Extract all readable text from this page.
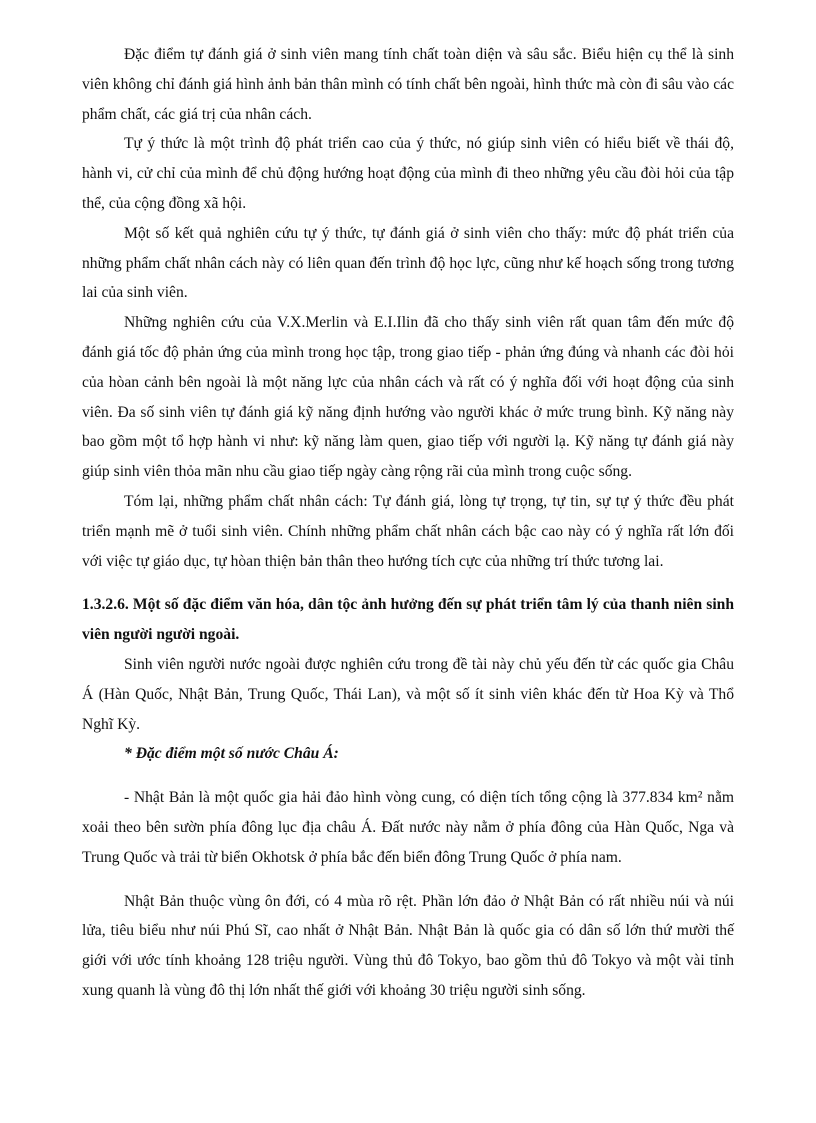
Đặc điểm tự đánh giá ở sinh viên mang tính chất toàn diện và sâu sắc. Biểu hiện cụ thể là sinh viên không chỉ đánh giá hình ảnh bản thân mình có tính chất bên ngoài, hình thức mà còn đi sâu vào các phẩm chất, các giá trị của nhân cách.

Tự ý thức là một trình độ phát triển cao của ý thức, nó giúp sinh viên có hiểu biết về thái độ, hành vi, cử chỉ của mình để chủ động hướng hoạt động của mình đi theo những yêu cầu đòi hỏi của tập thể, của cộng đồng xã hội.

Một số kết quả nghiên cứu tự ý thức, tự đánh giá ở sinh viên cho thấy: mức độ phát triển của những phẩm chất nhân cách này có liên quan đến trình độ học lực, cũng như kế hoạch sống trong tương lai của sinh viên.

Những nghiên cứu của V.X.Merlin và E.I.Ilin đã cho thấy sinh viên rất quan tâm đến mức độ đánh giá tốc độ phản ứng của mình trong học tập, trong giao tiếp - phản ứng đúng và nhanh các đòi hỏi của hòan cảnh bên ngoài là một năng lực của nhân cách và rất có ý nghĩa đối với hoạt động của sinh viên. Đa số sinh viên tự đánh giá kỹ năng định hướng vào người khác ở mức trung bình. Kỹ năng này bao gồm một tổ hợp hành vi như: kỹ năng làm quen, giao tiếp với người lạ. Kỹ năng tự đánh giá này giúp sinh viên thỏa mãn nhu cầu giao tiếp ngày càng rộng rãi của mình trong cuộc sống.

Tóm lại, những phẩm chất nhân cách: Tự đánh giá, lòng tự trọng, tự tin, sự tự ý thức đều phát triển mạnh mẽ ở tuổi sinh viên. Chính những phẩm chất nhân cách bậc cao này có ý nghĩa rất lớn đối với việc tự giáo dục, tự hòan thiện bản thân theo hướng tích cực của những trí thức tương lai.

1.3.2.6. Một số đặc điểm văn hóa, dân tộc ảnh hưởng đến sự phát triển tâm lý của thanh niên sinh viên người người ngoài.

Sinh viên người nước ngoài được nghiên cứu trong đề tài này chủ yếu đến từ các quốc gia Châu Á (Hàn Quốc, Nhật Bản, Trung Quốc, Thái Lan), và một số ít sinh viên khác đến từ Hoa Kỳ và Thổ Nghĩ Kỳ.

* Đặc điểm một số nước Châu Á:

- Nhật Bản là một quốc gia hải đảo hình vòng cung, có diện tích tổng cộng là 377.834 km² nằm xoải theo bên sườn phía đông lục địa châu Á. Đất nước này nằm ở phía đông của Hàn Quốc, Nga và Trung Quốc và trải từ biển Okhotsk ở phía bắc đến biển đông Trung Quốc ở phía nam.

Nhật Bản thuộc vùng ôn đới, có 4 mùa rõ rệt. Phần lớn đảo ở Nhật Bản có rất nhiều núi và núi lửa, tiêu biểu như núi Phú Sĩ, cao nhất ở Nhật Bản. Nhật Bản là quốc gia có dân số lớn thứ mười thế giới với ước tính khoảng 128 triệu người. Vùng thủ đô Tokyo, bao gồm thủ đô Tokyo và một vài tỉnh xung quanh là vùng đô thị lớn nhất thế giới với khoảng 30 triệu người sinh sống.
